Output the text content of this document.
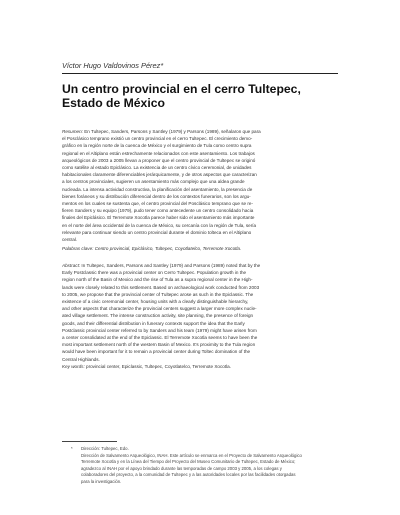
Víctor Hugo Valdovinos Pérez*
Un centro provincial en el cerro Tultepec,
Estado de México

Resumen: En Tultepec, Sanders, Parsons y Santley (1979) y Parsons (1989), señalaron que para

el Posclásico temprano existió un centro provincial en el cerro Tultepec. El crecimiento demo-

gráfico en la región norte de la cuenca de México y el surgimiento de Tula como centro supra

regional en el Altiplano están estrechamente relacionados con este asentamiento. Los trabajos

arqueológicos de 2003 a 2005 llevan a proponer que el centro provincial de Tultepec se originó

como satélite al estado Epiclásico. La existencia de un centro cívico ceremonial, de unidades

habitacionales claramente diferenciables jerárquicamente, y de otros aspectos que caracterizan

a los centros provinciales, sugieren un asentamiento más complejo que una aldea grande

nucleada. La intensa actividad constructiva, la planificación del asentamiento, la presencia de

bienes foráneos y su distribución diferencial dentro de los contextos funerarios, son los argu-

mentos en los cuales se sustenta que, el centro provincial del Posclásico temprano que se re-

fieren Sanders y su equipo (1979), pudo tener como antecedente un centro consolidado hacia

finales del Epiclásico. El Terremote Xocotla parece haber sido el asentamiento más importante

en el norte del área occidental de la cuenca de México, su cercanía con la región de Tula, sería

relevante para continuar siendo un centro provincial durante el dominio tolteca en el Altiplano

central.

Palabras clave: Centro provincial, Epiclásico, Tultepec, Coyotlatelco, Terremote Xocotla.

Abstract: In Tultepec, Sanders, Parsons and Santley (1979) and Parsons (1989) noted that by the

Early Postclassic there was a provincial center on Cerro Tultepec. Population growth in the

region north of the Basin of Mexico and the rise of Tula as a supra regional center in the High-

lands were closely related to this settlement. Based on archaeological work conducted from 2003

to 2005, we propose that the provincial center of Tultepec arose as such in the Epiclassic. The

existence of a civic ceremonial center, housing units with a clearly distinguishable hierarchy,

and other aspects that characterize the provincial centers suggest a larger more complex nucle-

ated village settlement. The intense construction activity, site planning, the presence of foreign

goods, and their differential distribution in funerary contexts support the idea that the Early

Postclassic provincial center referred to by Sanders and his team (1979) might have arisen from

a center consolidated at the end of the Epiclassic. El Terremote Xocotla seems to have been the

most important settlement north of the western Basin of Mexico. It's proximity to the Tula region

would have been important for it to remain a provincial center during Toltec domination of the

Central Highlands.

Key words: provincial center, Epiclassic, Tultepec, Coyotlatelco, Terremote Xocotla.
* Dirección: Tultepec, Edo.

Dirección de Salvamento Arqueológico, INAH. Este artículo se enmarca en el Proyecto de Salvamento Arqueológico

Terremote Xocotla y en la Línea del Tiempo del Proyecto del Museo Comunitario de Tultepec, Estado de México;

agradezco al INAH por el apoyo brindado durante las temporadas de campo 2003 y 2005, a los colegas y

colaboradores del proyecto, a la comunidad de Tultepec y a las autoridades locales por las facilidades otorgadas

para la investigación.
